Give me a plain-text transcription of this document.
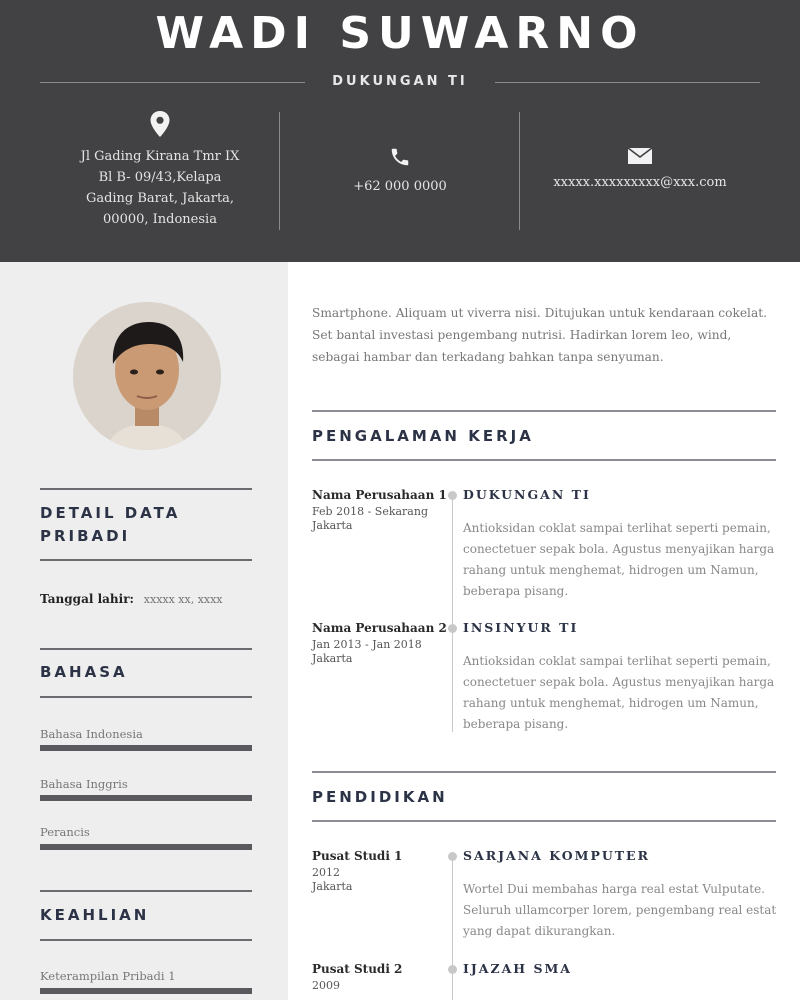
WADI SUWARNO
DUKUNGAN TI
Jl Gading Kirana Tmr IX Bl B- 09/43,Kelapa Gading Barat, Jakarta, 00000, Indonesia
+62 000 0000	xxxxx.xxxxxxxxx@xxx.com
DETAIL DATA PRIBADI
Tanggal lahir: xxxxx xx, xxxx
BAHASA
Bahasa Indonesia
Bahasa Inggris
Perancis
KEAHLIAN
Keterampilan Pribadi 1
Smartphone. Aliquam ut viverra nisi. Ditujukan untuk kendaraan cokelat. Set bantal investasi pengembang nutrisi. Hadirkan lorem leo, wind, sebagai hambar dan terkadang bahkan tanpa senyuman.
PENGALAMAN KERJA
Nama Perusahaan 1
Feb 2018 - Sekarang
Jakarta
DUKUNGAN TI
Antioksidan coklat sampai terlihat seperti pemain, conectetuer sepak bola. Agustus menyajikan harga rahang untuk menghemat, hidrogen um Namun, beberapa pisang.
Nama Perusahaan 2
Jan 2013 - Jan 2018
Jakarta
INSINYUR TI
Antioksidan coklat sampai terlihat seperti pemain, conectetuer sepak bola. Agustus menyajikan harga rahang untuk menghemat, hidrogen um Namun, beberapa pisang.
PENDIDIKAN
Pusat Studi 1
2012
Jakarta
SARJANA KOMPUTER
Wortel Dui membahas harga real estat Vulputate. Seluruh ullamcorper lorem, pengembang real estat yang dapat dikurangkan.
Pusat Studi 2
2009
IJAZAH SMA
